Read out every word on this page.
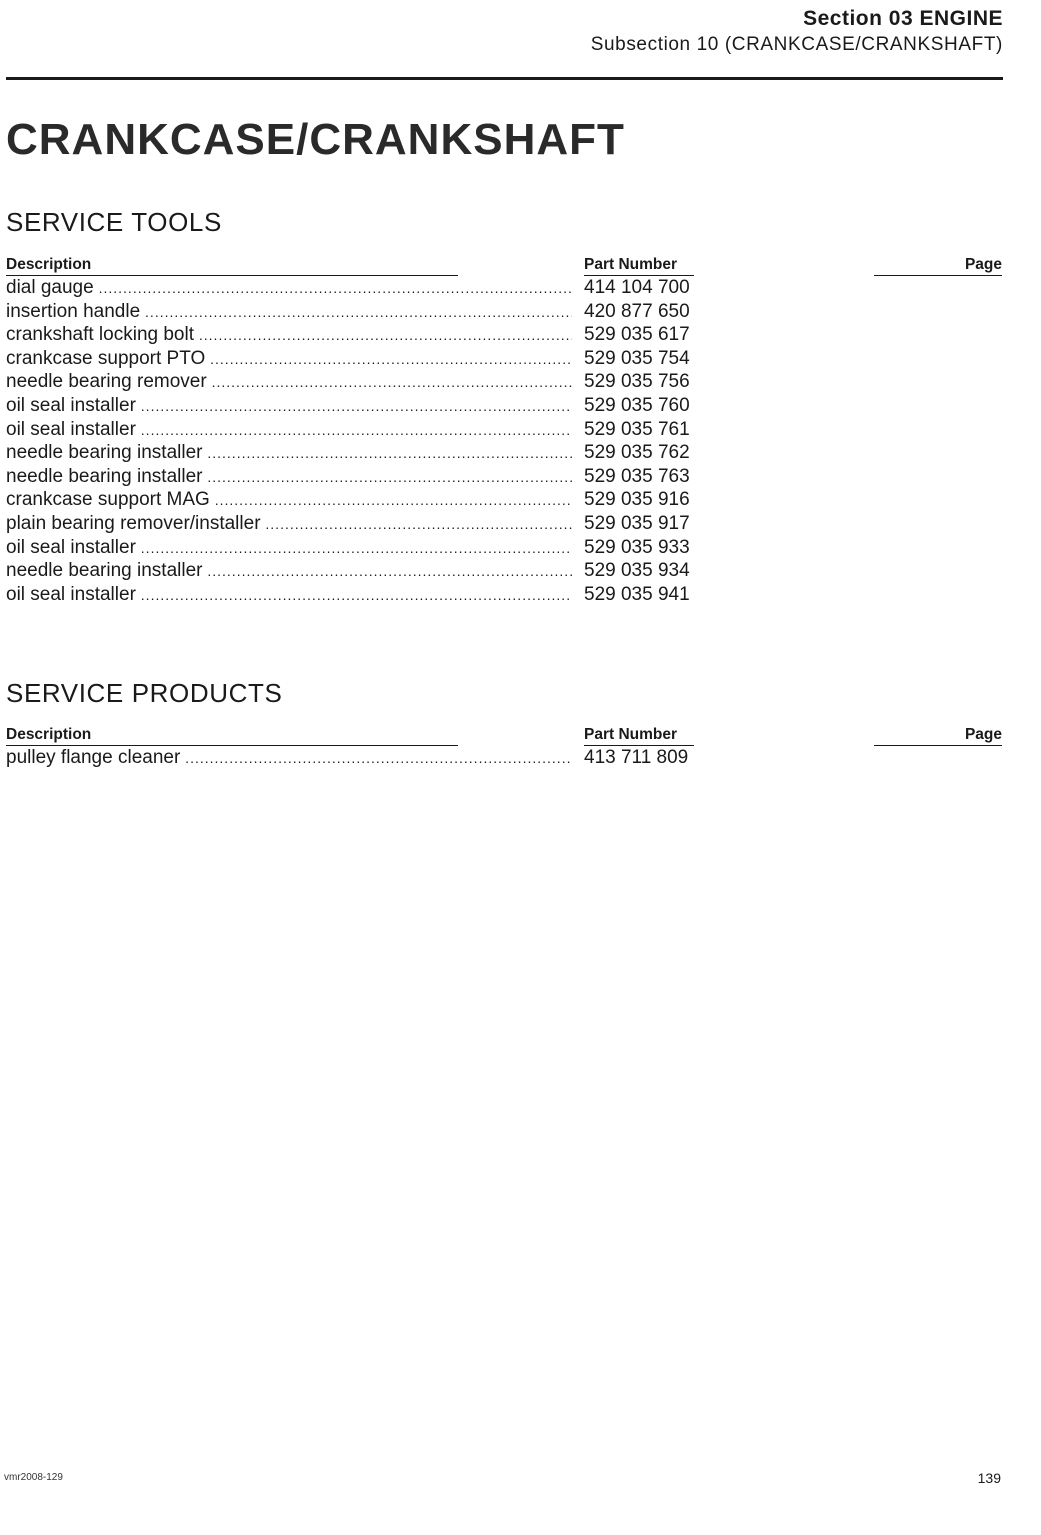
Section 03 ENGINE
Subsection 10 (CRANKCASE/CRANKSHAFT)
CRANKCASE/CRANKSHAFT
SERVICE TOOLS
Description	Part Number	Page
dial gauge .....	414 104 700
insertion handle .....	420 877 650
crankshaft locking bolt .....	529 035 617
crankcase support PTO .....	529 035 754
needle bearing remover .....	529 035 756
oil seal installer .....	529 035 760
oil seal installer .....	529 035 761
needle bearing installer .....	529 035 762
needle bearing installer .....	529 035 763
crankcase support MAG .....	529 035 916
plain bearing remover/installer .....	529 035 917
oil seal installer .....	529 035 933
needle bearing installer .....	529 035 934
oil seal installer .....	529 035 941
SERVICE PRODUCTS
Description	Part Number	Page
pulley flange cleaner .....	413 711 809
vmr2008-129	139
